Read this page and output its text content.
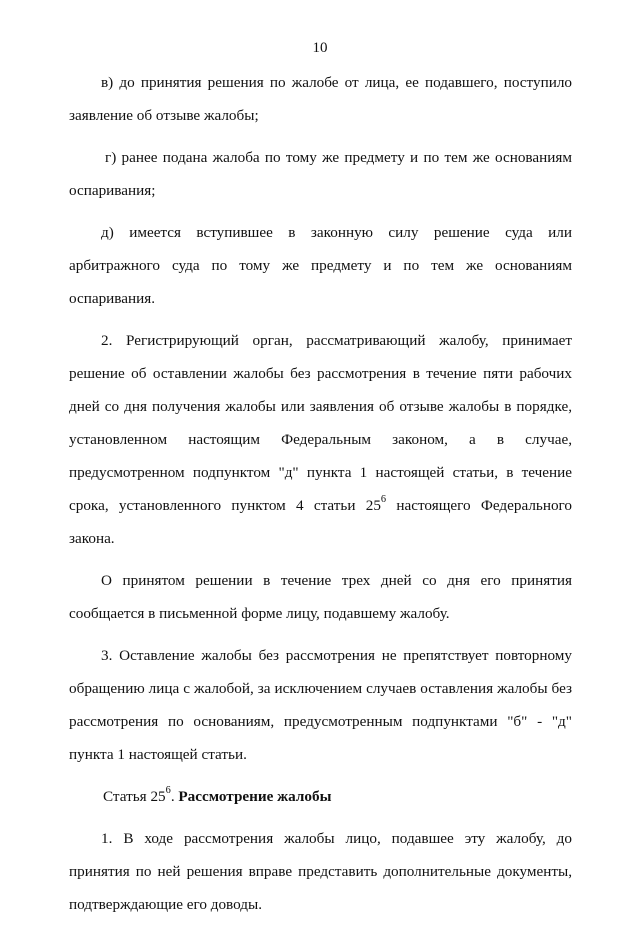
10

в) до принятия решения по жалобе от лица, ее подавшего, поступило заявление об отзыве жалобы;

г) ранее подана жалоба по тому же предмету и по тем же основаниям оспаривания;

д) имеется вступившее в законную силу решение суда или арбитражного суда по тому же предмету и по тем же основаниям оспаривания.

2. Регистрирующий орган, рассматривающий жалобу, принимает решение об оставлении жалобы без рассмотрения в течение пяти рабочих дней со дня получения жалобы или заявления об отзыве жалобы в порядке, установленном настоящим Федеральным законом, а в случае, предусмотренном подпунктом "д" пункта 1 настоящей статьи, в течение срока, установленного пунктом 4 статьи $25^6$ настоящего Федерального закона.

О принятом решении в течение трех дней со дня его принятия сообщается в письменной форме лицу, подавшему жалобу.

3. Оставление жалобы без рассмотрения не препятствует повторному обращению лица с жалобой, за исключением случаев оставления жалобы без рассмотрения по основаниям, предусмотренным подпунктами "б" - "д" пункта 1 настоящей статьи.

Статья $25^6$. Рассмотрение жалобы

1. В ходе рассмотрения жалобы лицо, подавшее эту жалобу, до принятия по ней решения вправе представить дополнительные документы, подтверждающие его доводы.
